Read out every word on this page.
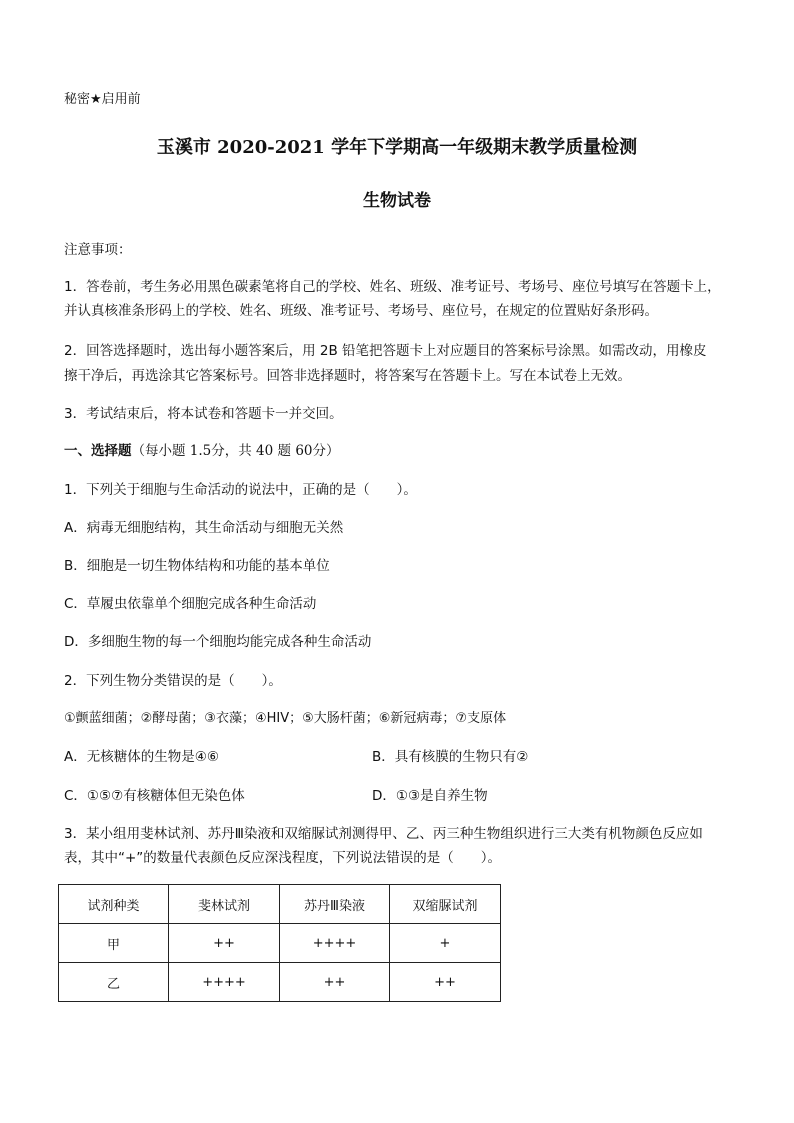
秘密★启用前
玉溪市 2020-2021 学年下学期高一年级期末教学质量检测
生物试卷
注意事项：
1．答卷前，考生务必用黑色碳素笔将自己的学校、姓名、班级、准考证号、考场号、座位号填写在答题卡上，
并认真核准条形码上的学校、姓名、班级、准考证号、考场号、座位号，在规定的位置贴好条形码。
2．回答选择题时，选出每小题答案后，用 2B 铅笔把答题卡上对应题目的答案标号涂黑。如需改动，用橡皮
擦干净后，再选涂其它答案标号。回答非选择题时，将答案写在答题卡上。写在本试卷上无效。
3．考试结束后，将本试卷和答题卡一并交回。
一、选择题（每小题 1.5分，共 40 题 60分）
1．下列关于细胞与生命活动的说法中，正确的是（　　）。
A．病毒无细胞结构，其生命活动与细胞无关然
B．细胞是一切生物体结构和功能的基本单位
C．草履虫依靠单个细胞完成各种生命活动
D．多细胞生物的每一个细胞均能完成各种生命活动
2．下列生物分类错误的是（　　）。
①颤蓝细菌；②酵母菌；③衣藻；④HIV；⑤大肠杆菌；⑥新冠病毒；⑦支原体
A．无核糖体的生物是④⑥	B．具有核膜的生物只有②
C．①⑤⑦有核糖体但无染色体	D．①③是自养生物
3．某小组用斐林试剂、苏丹Ⅲ染液和双缩脲试剂测得甲、乙、丙三种生物组织进行三大类有机物颜色反应如
表，其中“+”的数量代表颜色反应深浅程度，下列说法错误的是（　　）。
试剂种类	斐林试剂	苏丹Ⅲ染液	双缩脲试剂
甲	++	++++	+
乙	++++	++	++
